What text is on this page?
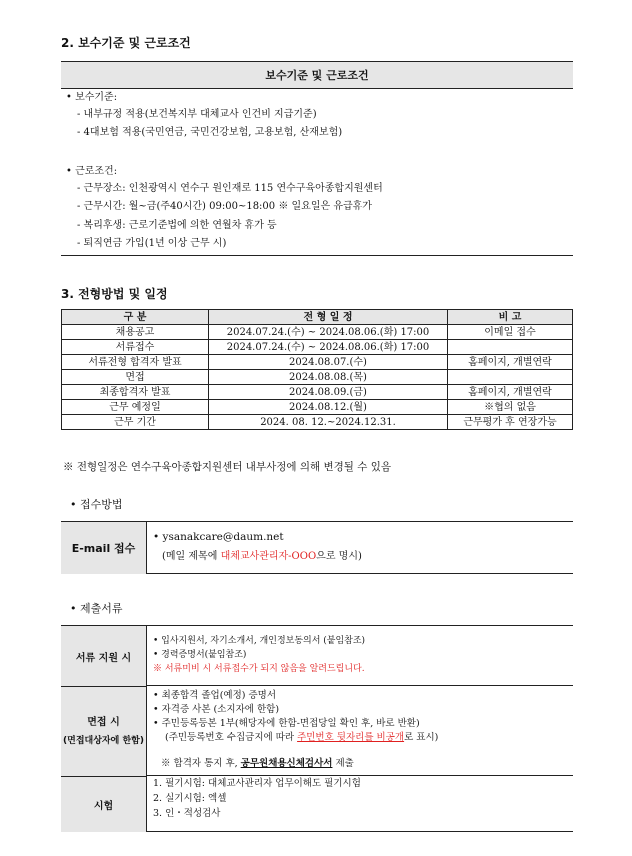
2. 보수기준 및 근로조건
보수기준 및 근로조건
• 보수기준:
- 내부규정 적용(보건복지부 대체교사 인건비 지급기준)
- 4대보험 적용(국민연금, 국민건강보험, 고용보험, 산재보험)
• 근로조건:
- 근무장소: 인천광역시 연수구 원인재로 115 연수구육아종합지원센터
- 근무시간: 월~금(주40시간) 09:00~18:00 ※ 일요일은 유급휴가
- 복리후생: 근로기준법에 의한 연월차 휴가 등
- 퇴직연금 가입(1년 이상 근무 시)
3. 전형방법 및 일정
구 분	전 형 일 정	비 고
채용공고	2024.07.24.(수) ~ 2024.08.06.(화) 17:00	이메일 접수
서류접수	2024.07.24.(수) ~ 2024.08.06.(화) 17:00	
서류전형 합격자 발표	2024.08.07.(수)	홈페이지, 개별연락
면접	2024.08.08.(목)	
최종합격자 발표	2024.08.09.(금)	홈페이지, 개별연락
근무 예정일	2024.08.12.(월)	※협의 없음
근무 기간	2024. 08. 12.~2024.12.31.	근무평가 후 연장가능
※ 전형일정은 연수구육아종합지원센터 내부사정에 의해 변경될 수 있음
• 접수방법
E-mail 접수
• ysanakcare@daum.net
(메일 제목에 대체교사관리자-OOO으로 명시)
• 제출서류
서류 지원 시
• 입사지원서, 자기소개서, 개인정보동의서 (붙임참조)
• 경력증명서(붙임참조)
※ 서류미비 시 서류접수가 되지 않음을 알려드립니다.
면접 시
(면접대상자에 한함)
• 최종합격 졸업(예정) 증명서
• 자격증 사본 (소지자에 한함)
• 주민등록등본 1부(해당자에 한함-면접당일 확인 후, 바로 반환)
(주민등록번호 수집금지에 따라 주민번호 뒷자리를 비공개로 표시)
※ 합격자 통지 후, 공무원채용신체검사서 제출
시험
1. 필기시험: 대체교사관리자 업무이해도 필기시험
2. 실기시험: 엑셀
3. 인・적성검사
